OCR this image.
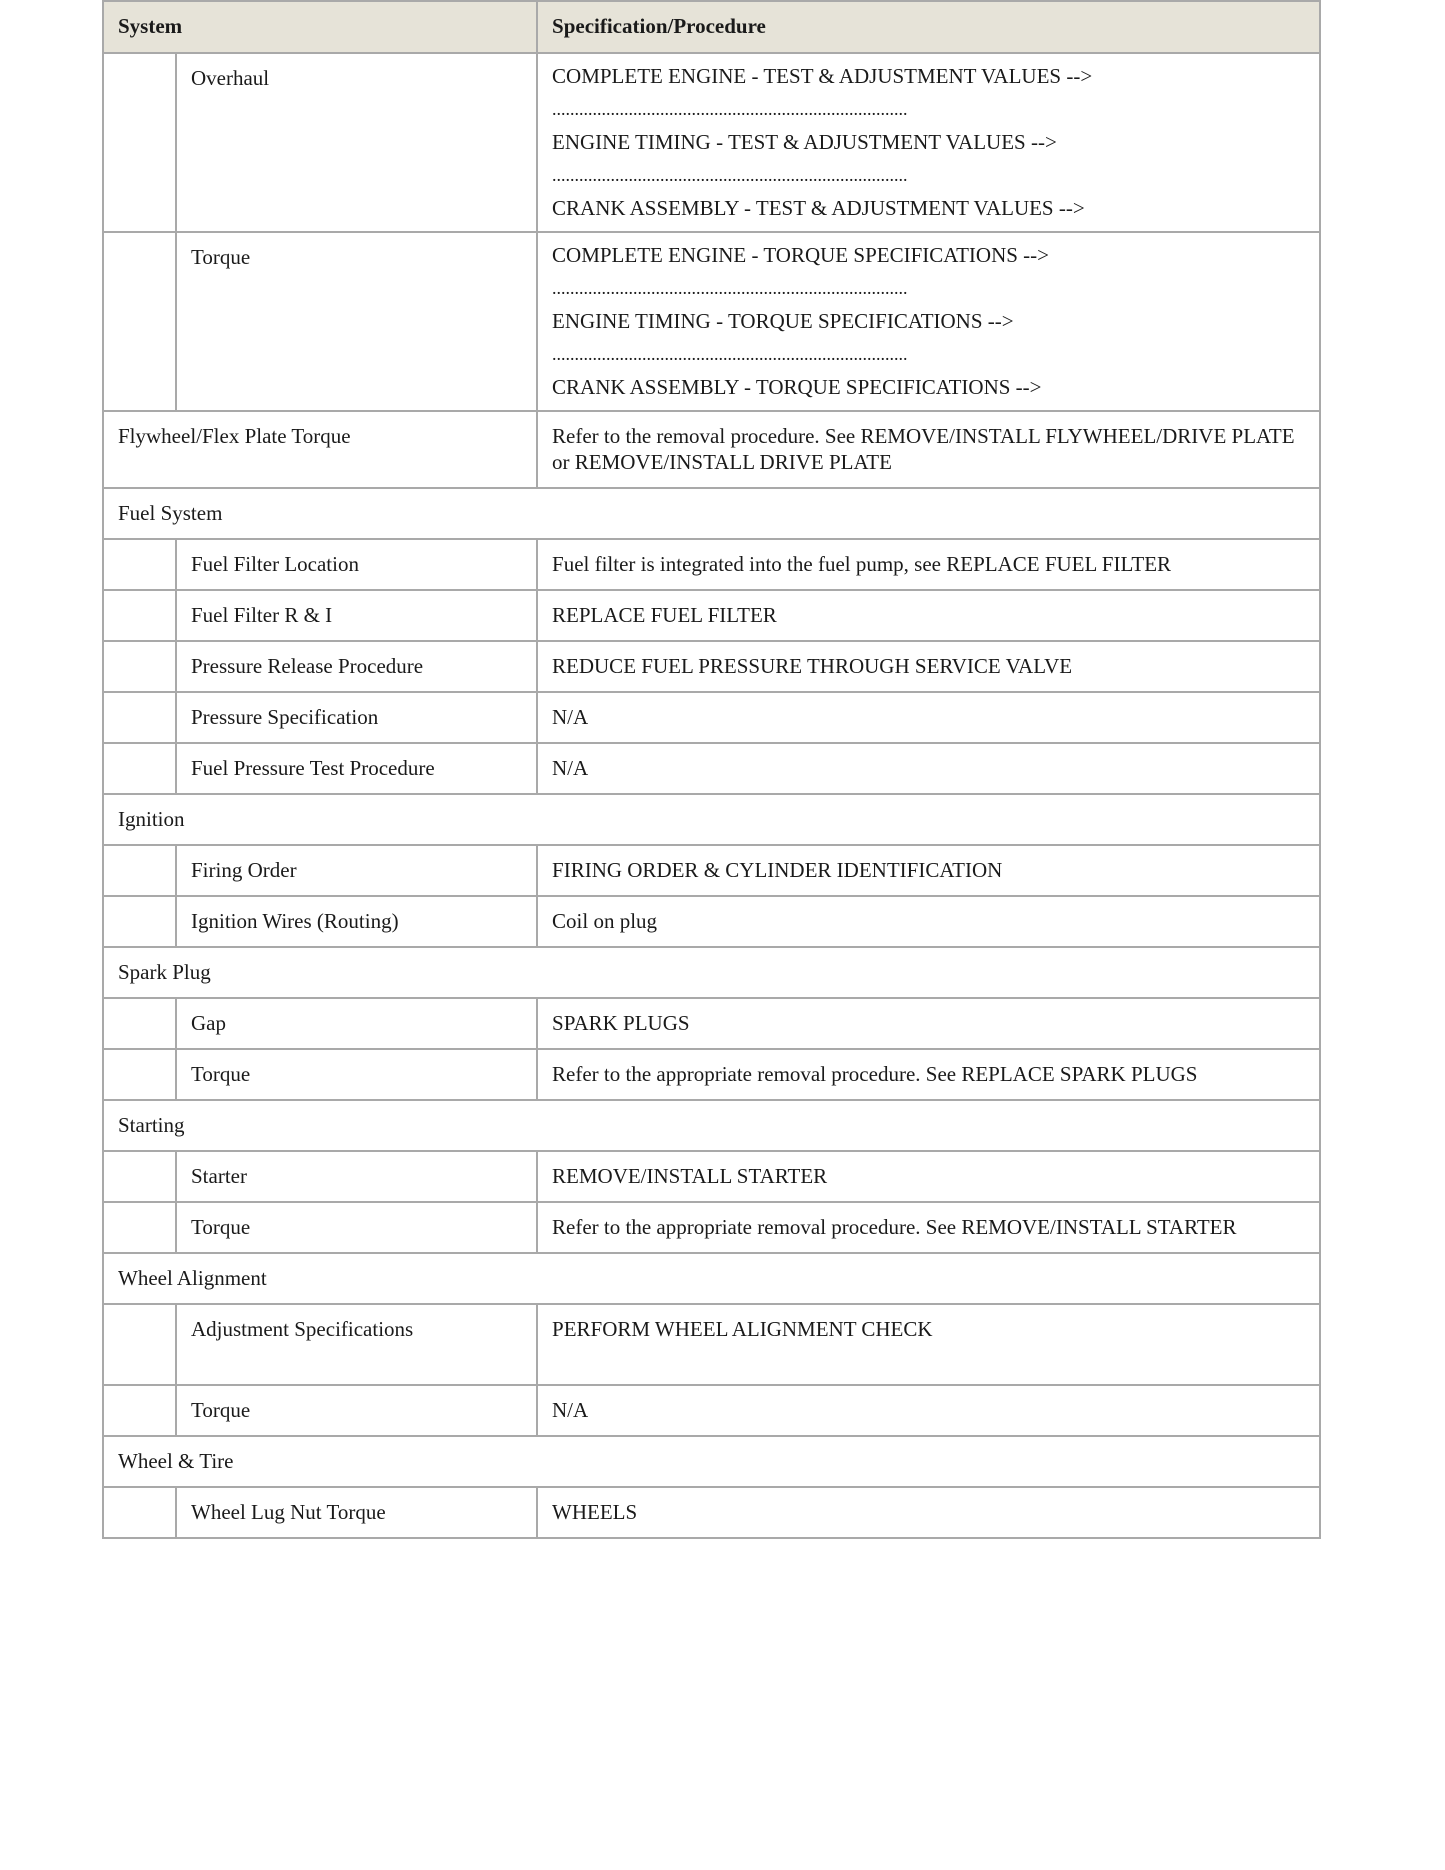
System		Specification/Procedure
	Overhaul	COMPLETE ENGINE - TEST & ADJUSTMENT VALUES -->
...............................................................................
ENGINE TIMING - TEST & ADJUSTMENT VALUES -->
...............................................................................
CRANK ASSEMBLY - TEST & ADJUSTMENT VALUES -->

	Torque	COMPLETE ENGINE - TORQUE SPECIFICATIONS -->
...............................................................................
ENGINE TIMING - TORQUE SPECIFICATIONS -->
...............................................................................
CRANK ASSEMBLY - TORQUE SPECIFICATIONS -->

Flywheel/Flex Plate Torque		Refer to the removal procedure. See REMOVE/INSTALL FLYWHEEL/DRIVE PLATE or REMOVE/INSTALL DRIVE PLATE
Fuel System		
	Fuel Filter Location	Fuel filter is integrated into the fuel pump, see REPLACE FUEL FILTER
	Fuel Filter R & I	REPLACE FUEL FILTER
	Pressure Release Procedure	REDUCE FUEL PRESSURE THROUGH SERVICE VALVE
	Pressure Specification	N/A
	Fuel Pressure Test Procedure	N/A
Ignition		
	Firing Order	FIRING ORDER & CYLINDER IDENTIFICATION
	Ignition Wires (Routing)	Coil on plug
Spark Plug		
	Gap	SPARK PLUGS
	Torque	Refer to the appropriate removal procedure. See REPLACE SPARK PLUGS
Starting		
	Starter	REMOVE/INSTALL STARTER
	Torque	Refer to the appropriate removal procedure. See REMOVE/INSTALL STARTER
Wheel Alignment		
	Adjustment Specifications	PERFORM WHEEL ALIGNMENT CHECK
	Torque	N/A
Wheel & Tire		
	Wheel Lug Nut Torque	WHEELS
